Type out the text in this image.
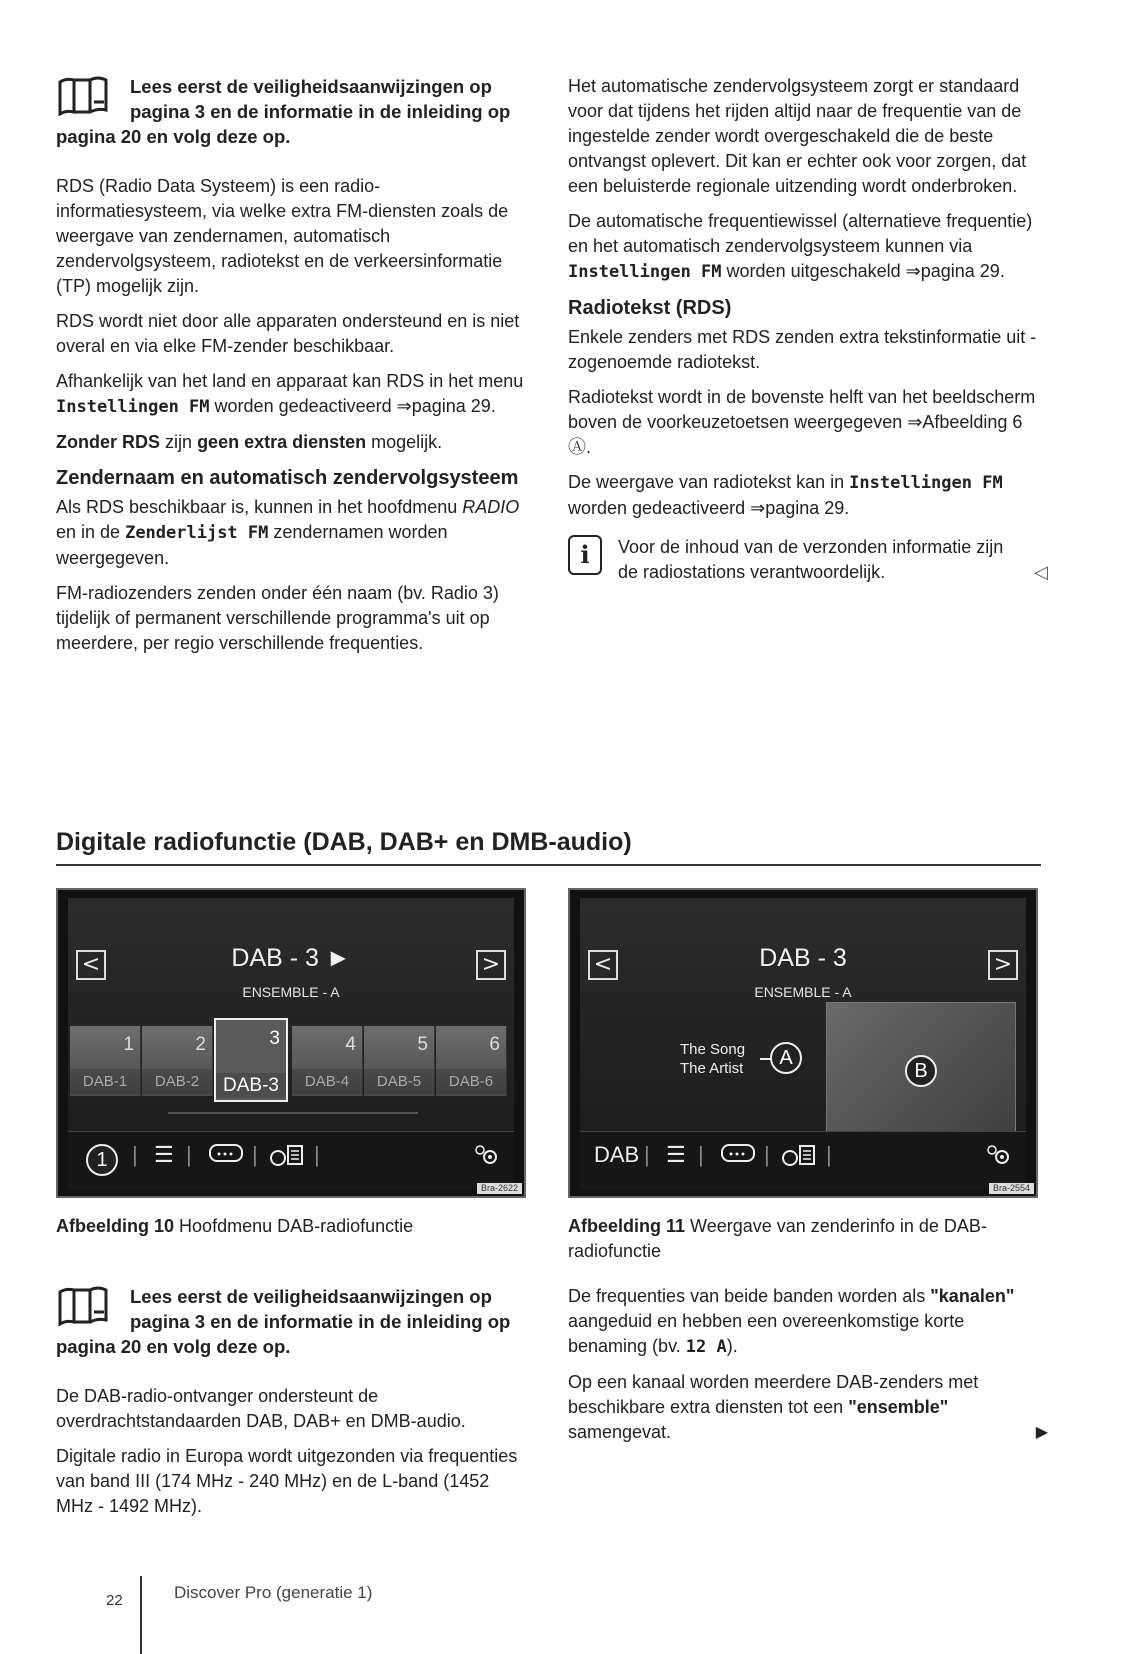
Lees eerst de veiligheidsaanwijzingen op pagina 3 en de informatie in de inleiding op pagina 20 en volg deze op.

RDS (Radio Data Systeem) is een radio-informatiesysteem, via welke extra FM-diensten zoals de weergave van zendernamen, automatisch zendervolgsysteem, radiotekst en de verkeersinformatie (TP) mogelijk zijn.

RDS wordt niet door alle apparaten ondersteund en is niet overal en via elke FM-zender beschikbaar.

Afhankelijk van het land en apparaat kan RDS in het menu Instellingen FM worden gedeactiveerd ⇒pagina 29.

Zonder RDS zijn geen extra diensten mogelijk.

Zendernaam en automatisch zendervolgsysteem

Als RDS beschikbaar is, kunnen in het hoofdmenu RADIO en in de Zenderlijst FM zendernamen worden weergegeven.

FM-radiozenders zenden onder één naam (bv. Radio 3) tijdelijk of permanent verschillende programma's uit op meerdere, per regio verschillende frequenties.

Het automatische zendervolgsysteem zorgt er standaard voor dat tijdens het rijden altijd naar de frequentie van de ingestelde zender wordt overgeschakeld die de beste ontvangst oplevert. Dit kan er echter ook voor zorgen, dat een beluisterde regionale uitzending wordt onderbroken.

De automatische frequentiewissel (alternatieve frequentie) en het automatisch zendervolgsysteem kunnen via Instellingen FM worden uitgeschakeld ⇒pagina 29.

Radiotekst (RDS)

Enkele zenders met RDS zenden extra tekstinformatie uit - zogenoemde radiotekst.

Radiotekst wordt in de bovenste helft van het beeldscherm boven de voorkeuzetoetsen weergegeven ⇒Afbeelding 6 Ⓐ.

De weergave van radiotekst kan in Instellingen FM worden gedeactiveerd ⇒pagina 29.

i	Voor de inhoud van de verzonden informatie zijn de radiostations verantwoordelijk.	◁
Digitale radiofunctie (DAB, DAB+ en DMB-audio)
<	>
DAB - 3 ►
ENSEMBLE - A
1
DAB-1
2
DAB-2
3
DAB-3
4
DAB-4
5
DAB-5
6
DAB-6
1	| ☰ |	|	|
Bra-2622
Afbeelding 10 Hoofdmenu DAB-radiofunctie
<	>
DAB - 3
ENSEMBLE - A
The Song
The Artist	A
B
DAB | ☰ |	|	|
Bra-2554
Afbeelding 11 Weergave van zenderinfo in de DAB-radiofunctie
Lees eerst de veiligheidsaanwijzingen op pagina 3 en de informatie in de inleiding op pagina 20 en volg deze op.

De DAB-radio-ontvanger ondersteunt de overdrachtstandaarden DAB, DAB+ en DMB-audio.

Digitale radio in Europa wordt uitgezonden via frequenties van band III (174 MHz - 240 MHz) en de L-band (1452 MHz - 1492 MHz).

De frequenties van beide banden worden als "kanalen" aangeduid en hebben een overeenkomstige korte benaming (bv. 12 A).

Op een kanaal worden meerdere DAB-zenders met beschikbare extra diensten tot een "ensemble" samengevat.	▶

22	Discover Pro (generatie 1)
